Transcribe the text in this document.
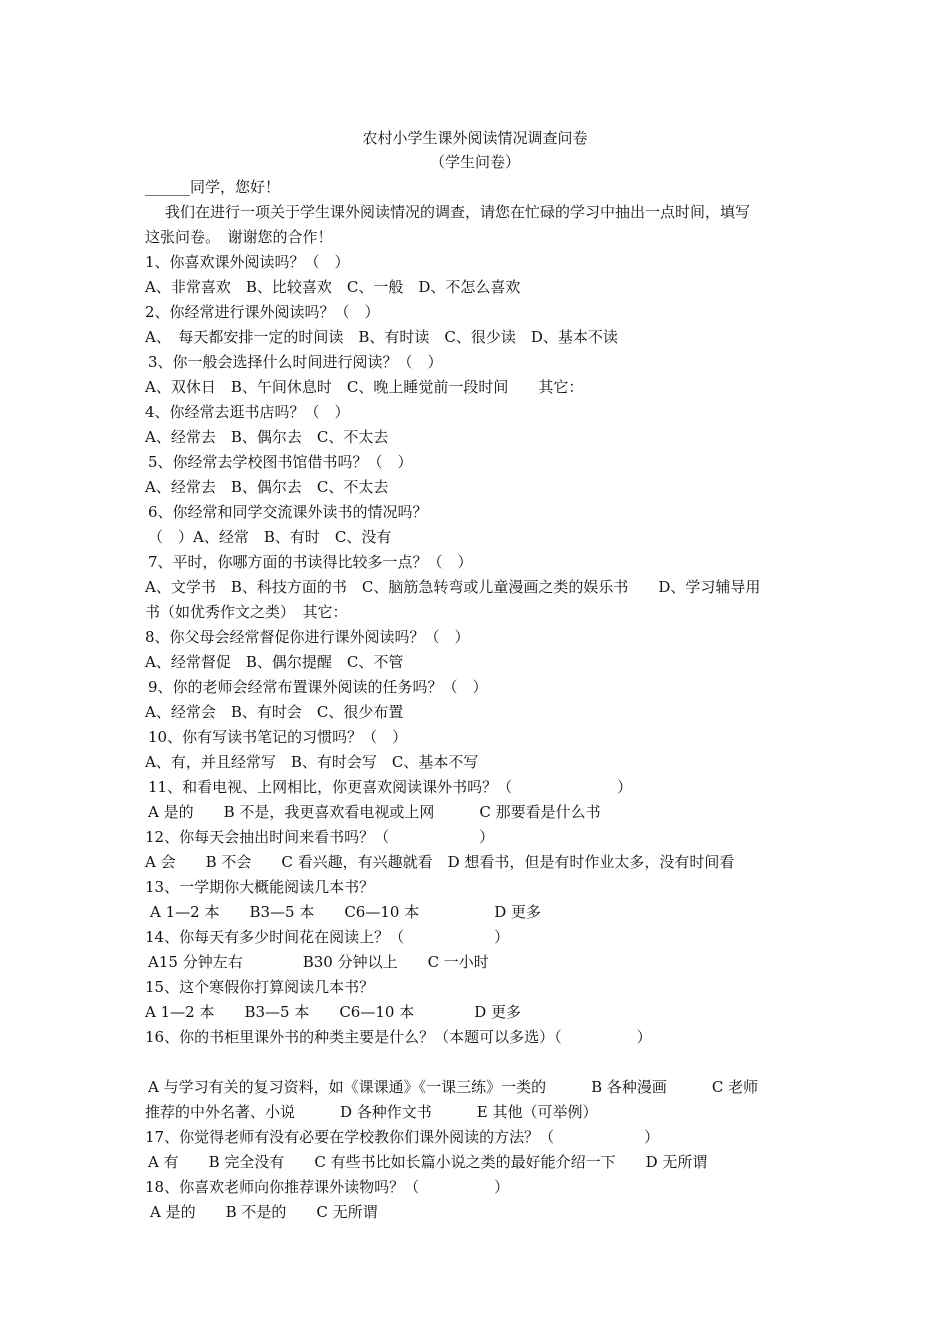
农村小学生课外阅读情况调查问卷
（学生问卷）
______同学，您好！
我们在进行一项关于学生课外阅读情况的调查，请您在忙碌的学习中抽出一点时间，填写
这张问卷。　谢谢您的合作！
1、你喜欢课外阅读吗？（　）
A、非常喜欢　B、比较喜欢　C、一般　D、不怎么喜欢
2、你经常进行课外阅读吗？（　）
A、　每天都安排一定的时间读　B、有时读　C、很少读　D、基本不读
3、你一般会选择什么时间进行阅读？（　）
A、双休日　B、午间休息时　C、晚上睡觉前一段时间　　其它：
4、你经常去逛书店吗？（　）
A、经常去　B、偶尔去　C、不太去
5、你经常去学校图书馆借书吗？（　）
A、经常去　B、偶尔去　C、不太去
6、你经常和同学交流课外读书的情况吗？
（　）A、经常　B、有时　C、没有
7、平时，你哪方面的书读得比较多一点？（　）
A、文学书　B、科技方面的书　C、脑筋急转弯或儿童漫画之类的娱乐书　　D、学习辅导用
书（如优秀作文之类）　其它：
8、你父母会经常督促你进行课外阅读吗？（　）
A、经常督促　B、偶尔提醒　C、不管
9、你的老师会经常布置课外阅读的任务吗？（　）
A、经常会　B、有时会　C、很少布置
10、你有写读书笔记的习惯吗？（　）
A、有，并且经常写　B、有时会写　C、基本不写
11、和看电视、上网相比，你更喜欢阅读课外书吗？（　　　　　　　）
A 是的　　B 不是，我更喜欢看电视或上网　　　C 那要看是什么书
12、你每天会抽出时间来看书吗？（　　　　　　）
A 会　　B 不会　　C 看兴趣，有兴趣就看　D 想看书，但是有时作业太多，没有时间看
13、一学期你大概能阅读几本书？
A 1—2 本　　B3—5 本　　C6—10 本　　　　　D 更多
14、你每天有多少时间花在阅读上？（　　　　　　）
A15 分钟左右　　　　B30 分钟以上　　C 一小时
15、这个寒假你打算阅读几本书？
A 1—2 本　　B3—5 本　　C6—10 本　　　　D 更多
16、你的书柜里课外书的种类主要是什么？（本题可以多选）（　　　　　）
A 与学习有关的复习资料，如《课课通》《一课三练》一类的　　　B 各种漫画　　　C 老师
推荐的中外名著、小说　　　D 各种作文书　　　E 其他（可举例）
17、你觉得老师有没有必要在学校教你们课外阅读的方法？（　　　　　　）
A 有　　B 完全没有　　C 有些书比如长篇小说之类的最好能介绍一下　　D 无所谓
18、你喜欢老师向你推荐课外读物吗？（　　　　　）
A 是的　　B 不是的　　C 无所谓
